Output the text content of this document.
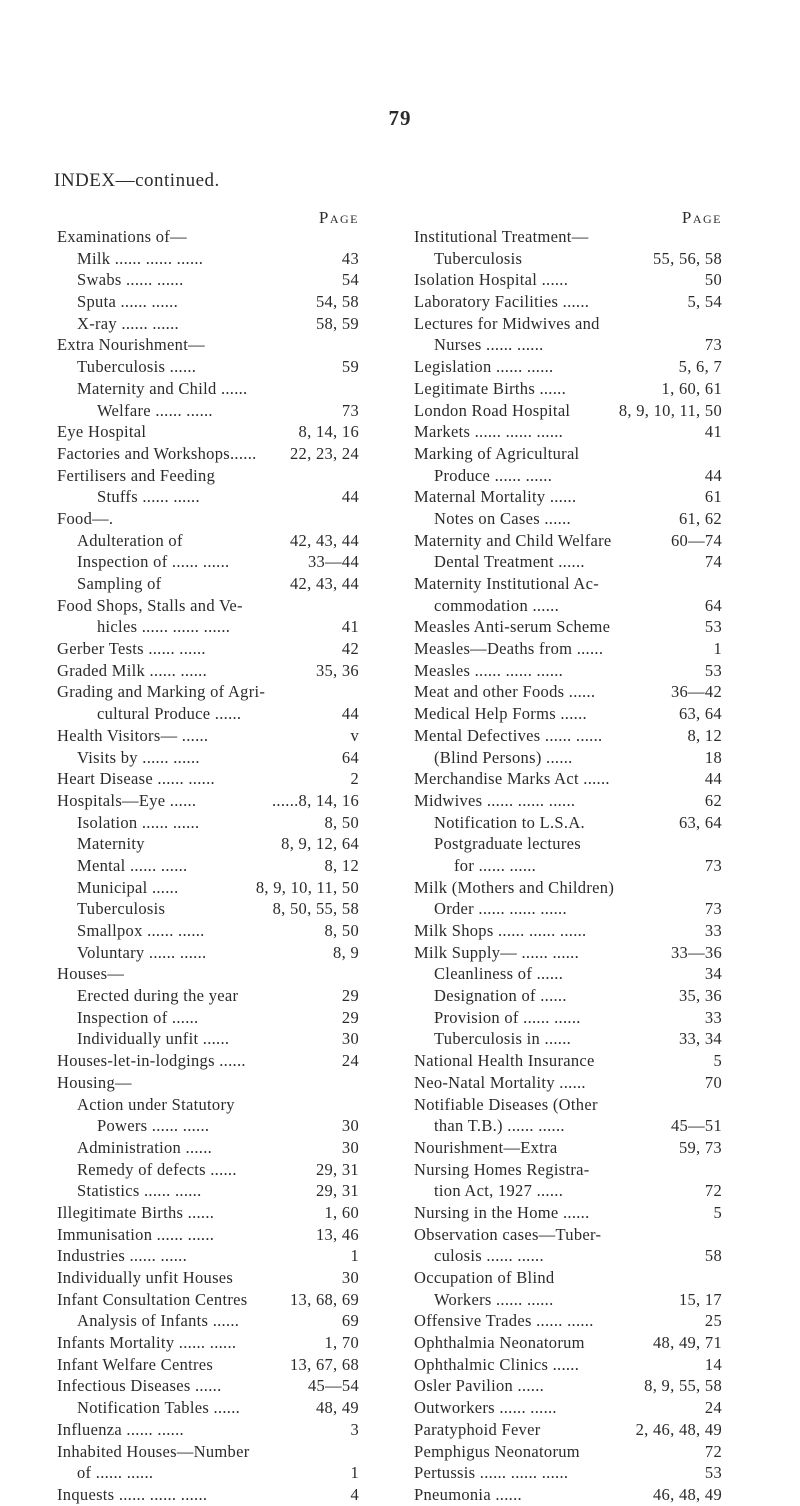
79
INDEX—continued.
Page
Examinations of—
Milk ...... ...... ......	43
Swabs ...... ......	54
Sputa ...... ......	54, 58
X-ray ...... ......	58, 59
Extra Nourishment—
Tuberculosis ......	59
Maternity and Child ......
Welfare ...... ......	73
Eye Hospital	8, 14, 16
Factories and Workshops...... 22, 23, 24
Fertilisers and Feeding
Stuffs ...... ......	44
Food—.
Adulteration of	42, 43, 44
Inspection of ...... ......	33—44
Sampling of	42, 43, 44
Food Shops, Stalls and Ve-
hicles ...... ...... ......	41
Gerber Tests ...... ......	42
Graded Milk ...... ......	35, 36
Grading and Marking of Agri-
cultural Produce ......	44
Health Visitors— ......	v
Visits by ...... ......	64
Heart Disease ...... ......	2
Hospitals—Eye ......	......8, 14, 16
Isolation ...... ......	8, 50
Maternity	8, 9, 12, 64
Mental ...... ......	8, 12
Municipal ......	8, 9, 10, 11, 50
Tuberculosis	8, 50, 55, 58
Smallpox ...... ......	8, 50
Voluntary ...... ......	8, 9
Houses—
Erected during the year	29
Inspection of ......	29
Individually unfit ......	30
Houses-let-in-lodgings ......	24
Housing—
Action under Statutory
Powers ...... ......	30
Administration ......	30
Remedy of defects ......	29, 31
Statistics ...... ......	29, 31
Illegitimate Births ......	1, 60
Immunisation ...... ......	13, 46
Industries ...... ......	1
Individually unfit Houses	30
Infant Consultation Centres	13, 68, 69
Analysis of Infants ......	69
Infants Mortality ...... ......	1, 70
Infant Welfare Centres	13, 67, 68
Infectious Diseases ......	45—54
Notification Tables ......	48, 49
Influenza ...... ......	3
Inhabited Houses—Number
of ...... ......	1
Inquests ...... ...... ......	4
Page
Institutional Treatment—
Tuberculosis	55, 56, 58
Isolation Hospital ......	50
Laboratory Facilities ......	5, 54
Lectures for Midwives and
Nurses ...... ......	73
Legislation ...... ......	5, 6, 7
Legitimate Births ......	1, 60, 61
London Road Hospital	8, 9, 10, 11, 50
Markets ...... ...... ......	41
Marking of Agricultural
Produce ...... ......	44
Maternal Mortality ......	61
Notes on Cases ......	61, 62
Maternity and Child Welfare	60—74
Dental Treatment ......	74
Maternity Institutional Ac-
commodation ......	64
Measles Anti-serum Scheme	53
Measles—Deaths from ......	1
Measles ...... ...... ......	53
Meat and other Foods ......	36—42
Medical Help Forms ......	63, 64
Mental Defectives ...... ......	8, 12
(Blind Persons) ......	18
Merchandise Marks Act ......	44
Midwives ...... ...... ......	62
Notification to L.S.A.	63, 64
Postgraduate lectures
for ...... ......	73
Milk (Mothers and Children)
Order ...... ...... ......	73
Milk Shops ...... ...... ......	33
Milk Supply— ...... ......	33—36
Cleanliness of ......	34
Designation of ......	35, 36
Provision of ...... ......	33
Tuberculosis in ......	33, 34
National Health Insurance	5
Neo-Natal Mortality ......	70
Notifiable Diseases (Other
than T.B.) ...... ......	45—51
Nourishment—Extra	59, 73
Nursing Homes Registra-
tion Act, 1927 ......	72
Nursing in the Home ......	5
Observation cases—Tuber-
culosis ...... ......	58
Occupation of Blind
Workers ...... ......	15, 17
Offensive Trades ...... ......	25
Ophthalmia Neonatorum	48, 49, 71
Ophthalmic Clinics ......	14
Osler Pavilion ......	8, 9, 55, 58
Outworkers ...... ......	24
Paratyphoid Fever	2, 46, 48, 49
Pemphigus Neonatorum	72
Pertussis ...... ...... ......	53
Pneumonia ......	46, 48, 49
